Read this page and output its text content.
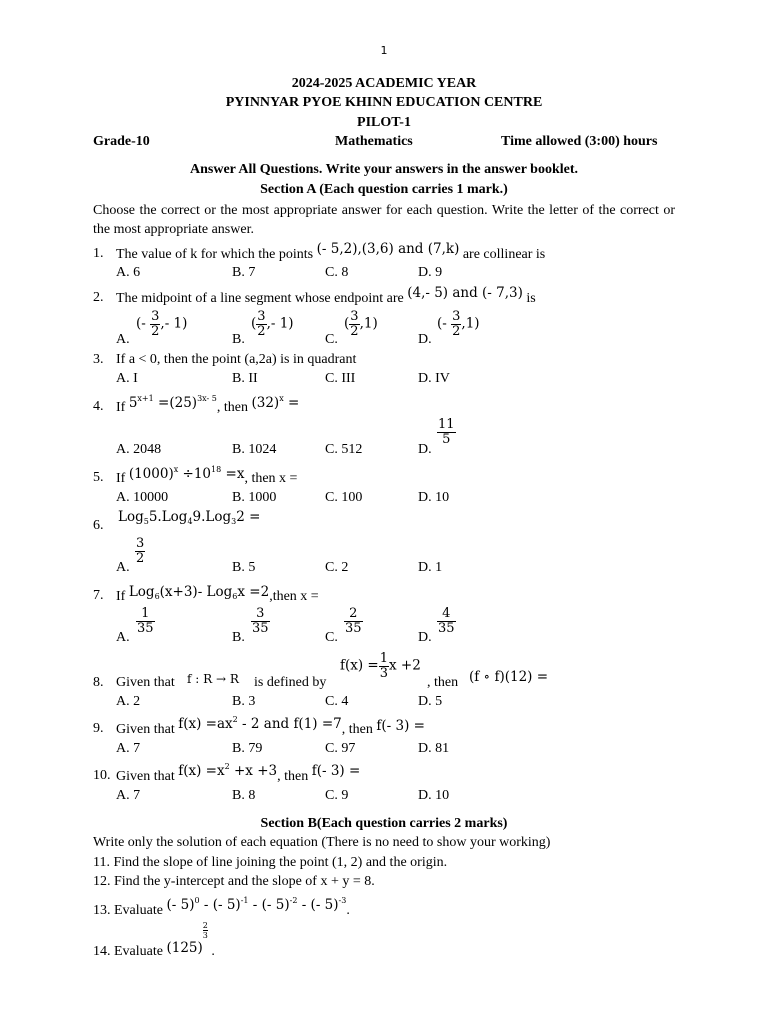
1
2024-2025 ACADEMIC YEAR
PYINNYAR PYOE KHINN EDUCATION CENTRE
PILOT-1
Grade-10	Mathematics	Time allowed (3:00) hours
Answer All Questions. Write your answers in the answer booklet.
Section A (Each question carries 1 mark.)
Choose the correct or the most appropriate answer for each question. Write the letter of the correct or the most appropriate answer.
1. The value of k for which the points (- 5,2),(3,6) and (7,k) are collinear is
A. 6	B. 7	C. 8	D. 9
2. The midpoint of a line segment whose endpoint are (4,- 5) and (- 7,3) is
A.	B.	C.	D.
(- $\frac{3}{2}$ ,- 1)	( $\frac{3}{2}$ ,- 1)	( $\frac{3}{2} ,1$)	(- $\frac{3}{2} ,1$)
3. If a < 0, then the point (a,2a) is in quadrant
A. I	B. II	C. III	D. IV
4. If $5^{x+1} =(25)^{3x- 5}$, then $(32)^x$ =
A. 2048	B. 1024	C. 512	D.
$\frac{11}{5}$
5. If $(1000)^x \div 10^{18} =x$, then x =
A. 10000	B. 1000	C. 100	D. 10
6.
Log$_5$5.Log$_4$9.Log$_3$2 =
A.
$\frac{3}{2}$
B. 5	C. 2	D. 1
7. If Log$_6$(x+3)- Log$_6$x =2,then x =
A.	B.	C.	D.
$\frac{1}{35}$	$\frac{3}{35}$	$\frac{2}{35}$	$\frac{4}{35}$
8. Given that f : R → R is defined by
$f(x) = \frac{1}{3}$ x +2
, then (f ∘ f)(12) =
A. 2	B. 3	C. 4	D. 5
9. Given that $f(x) =ax^2 - 2$ and f(1) =7, then f(- 3) =
A. 7	B. 79	C. 97	D. 81
10. Given that $f(x) =x^2 +x +3$, then f(- 3) =
A. 7	B. 8	C. 9	D. 10
Section B(Each question carries 2 marks)
Write only the solution of each equation (There is no need to show your working)
11. Find the slope of line joining the point (1, 2) and the origin.
12. Find the y-intercept and the slope of x + y = 8.
13. Evaluate (- 5)$^0$ - (- 5)$^{-1}$ - (- 5)$^{-2}$ - (- 5)$^{-3}$.
14. Evaluate (125)
$\frac{2}{3}$
.
